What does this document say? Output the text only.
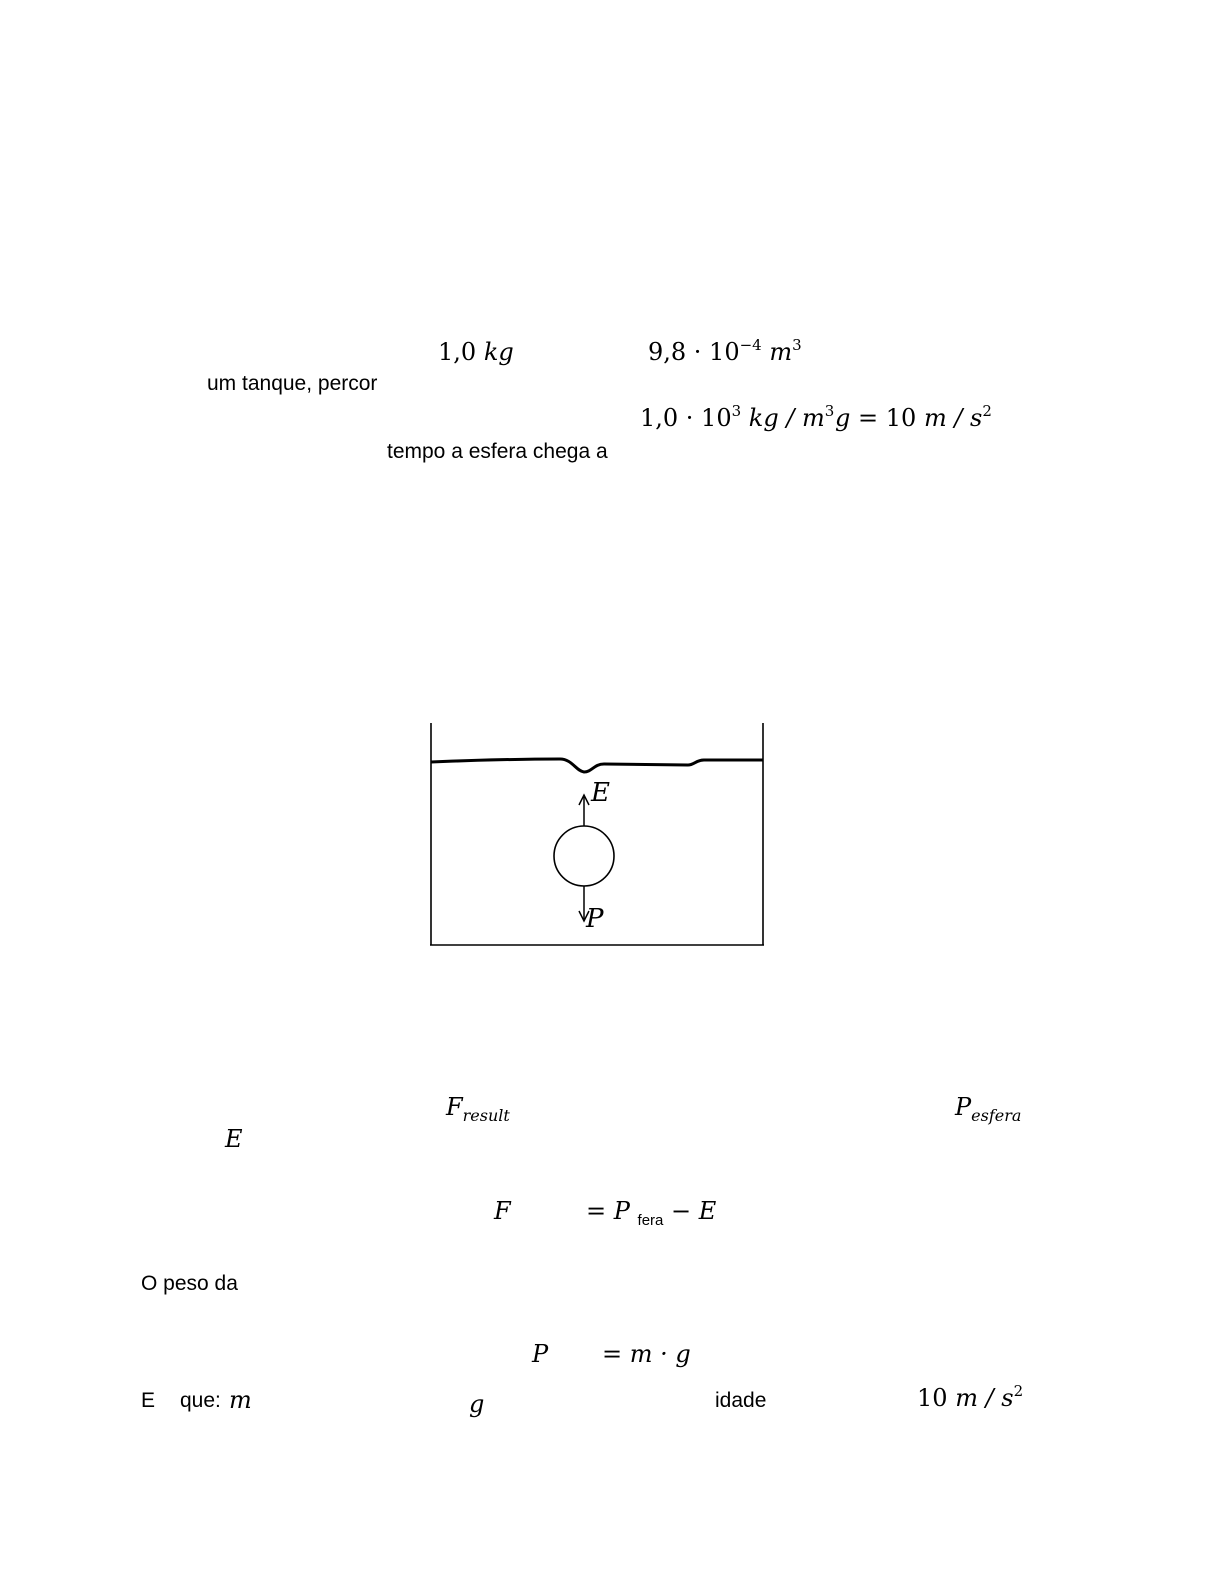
1,0 kg	$9,8 \cdot 10^{-4}$ $m^3$
um tanque, percor
$1,0 \cdot 10^3$ kg / $m^3$ g = 10 m / $s^2$
tempo a esfera chega a
E
P
$F_{result}$	$P_{esfera}$
E
F	= P $_{fera}$ − E
O peso da
P = m · g
E que: m	g	idade	10 m / $s^2$
